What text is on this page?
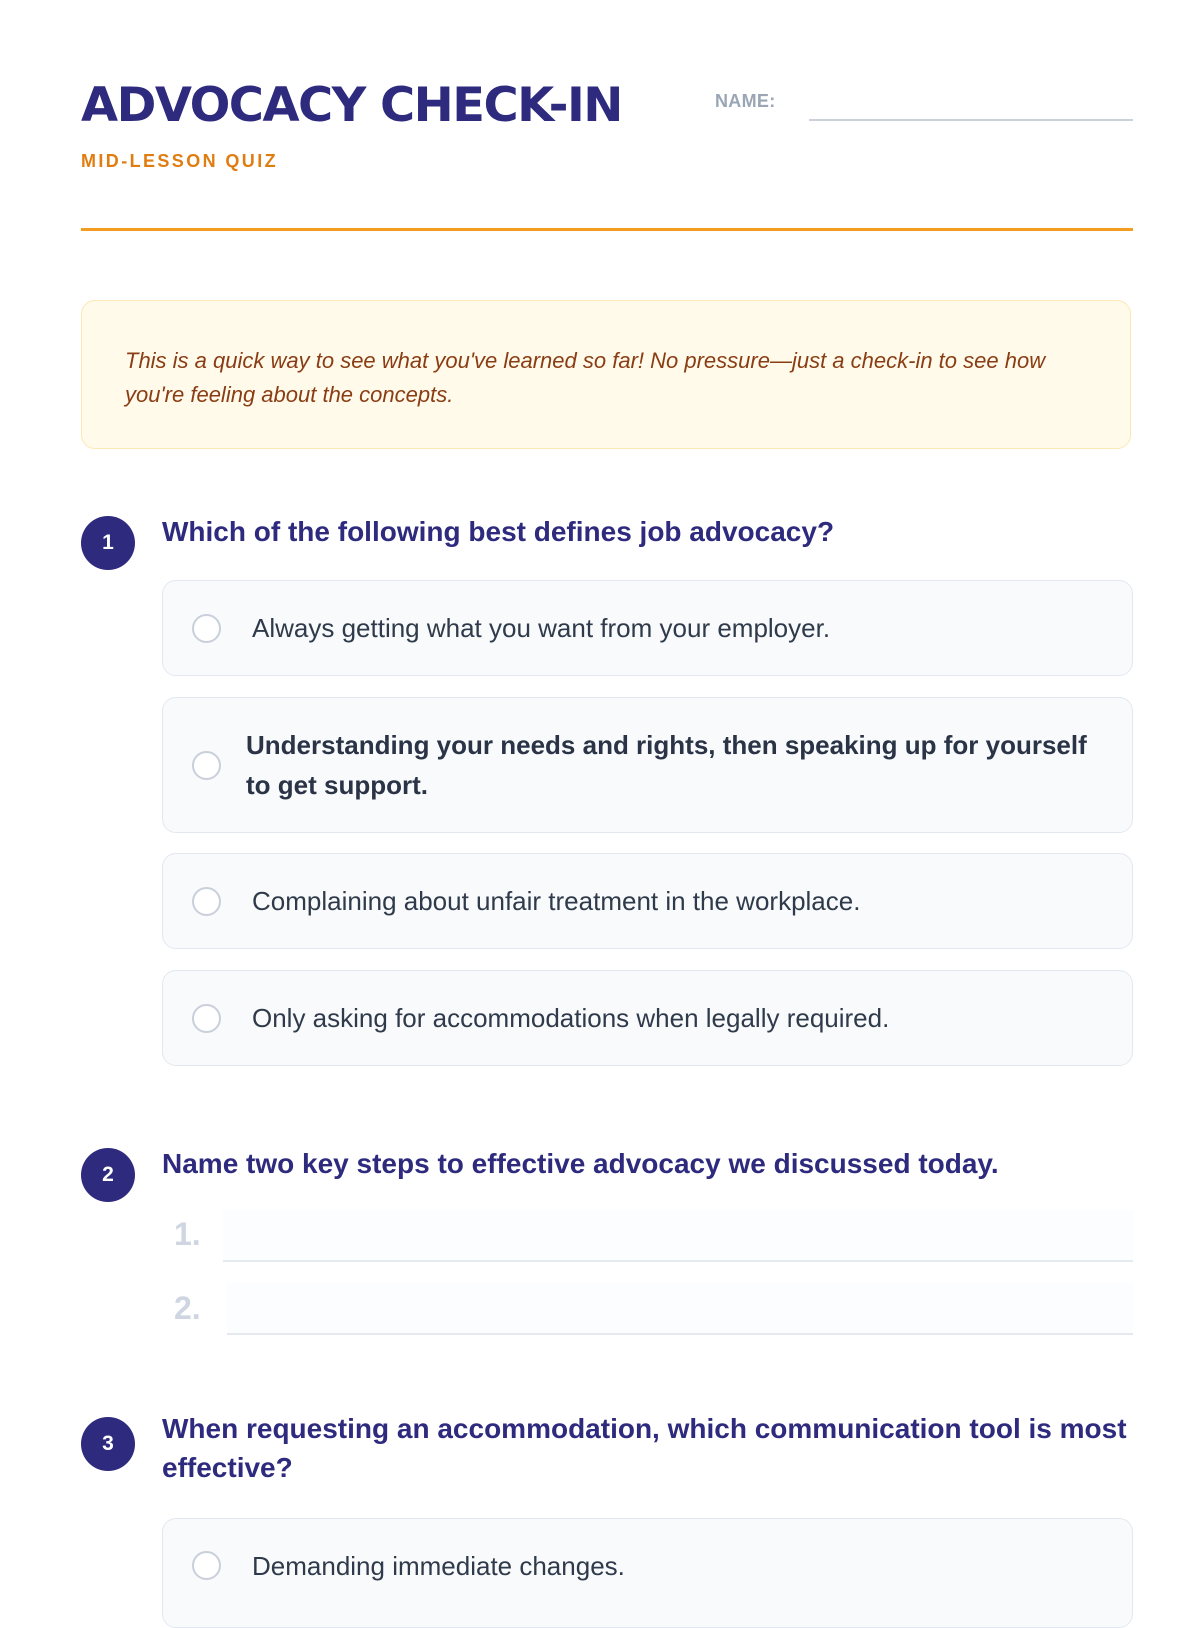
ADVOCACY CHECK-IN
MID-LESSON QUIZ
NAME:

This is a quick way to see what you've learned so far! No pressure—just a check-in to see how you're feeling about the concepts.

1	Which of the following best defines job advocacy?
Always getting what you want from your employer.
Understanding your needs and rights, then speaking up for yourself to get support.
Complaining about unfair treatment in the workplace.
Only asking for accommodations when legally required.
2	Name two key steps to effective advocacy we discussed today.
1.
2.
3	When requesting an accommodation, which communication tool is most effective?
Demanding immediate changes.
